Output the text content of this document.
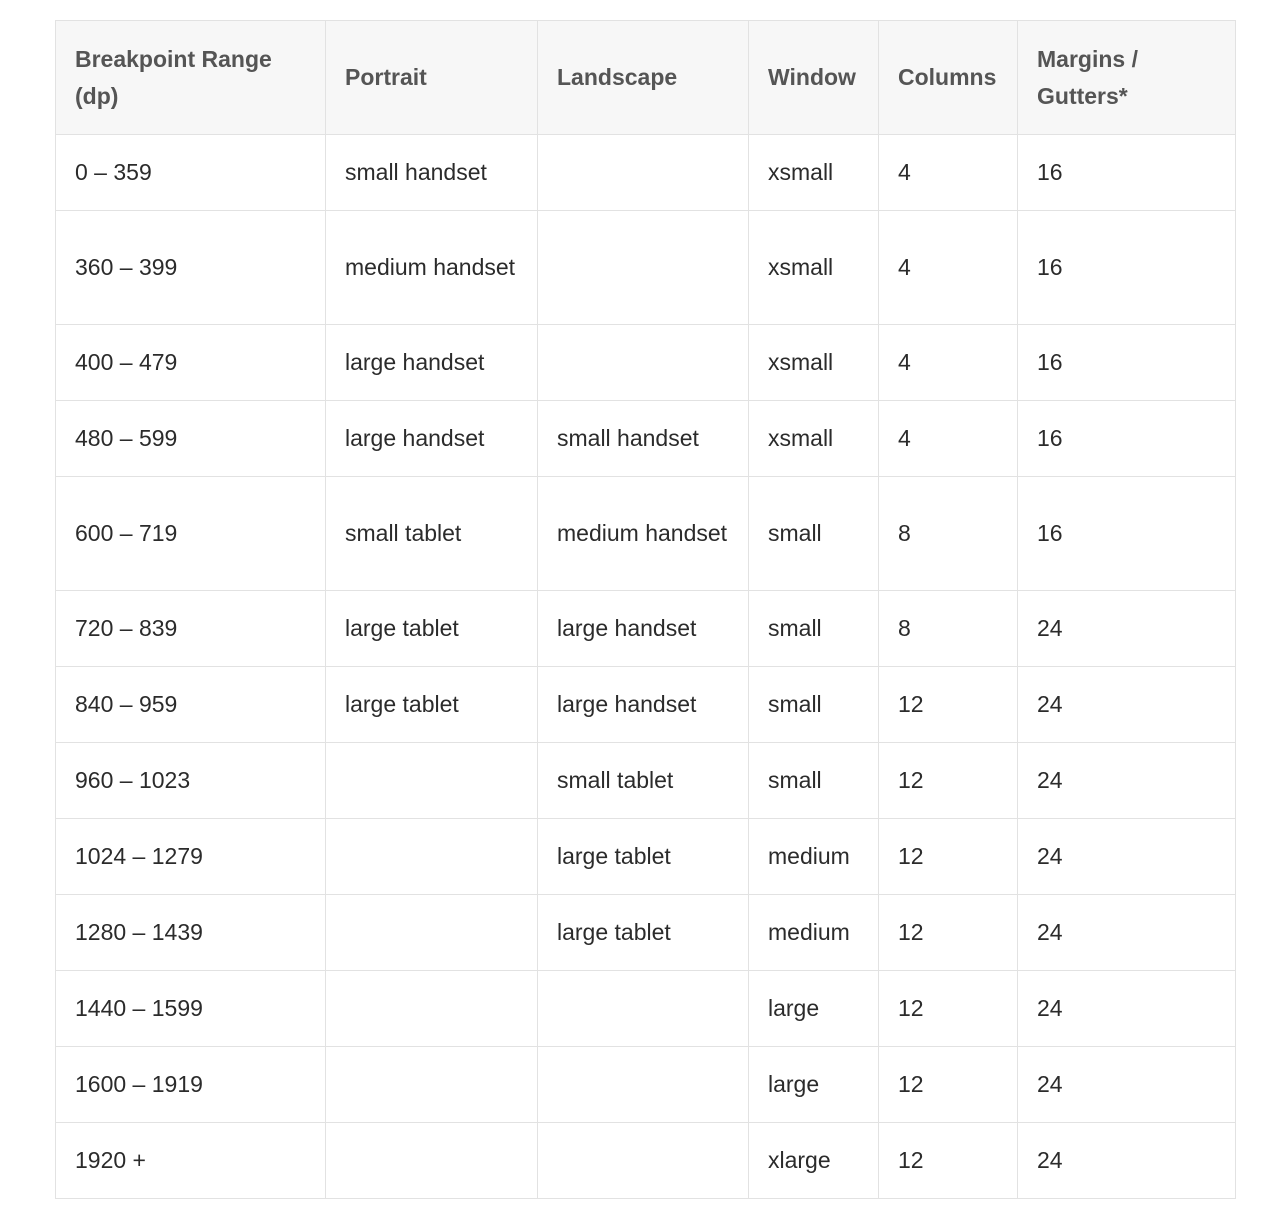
Breakpoint Range (dp)	Portrait	Landscape	Window	Columns	Margins / Gutters*
0 – 359	small handset		xsmall	4	16
360 – 399	medium handset		xsmall	4	16
400 – 479	large handset		xsmall	4	16
480 – 599	large handset	small handset	xsmall	4	16
600 – 719	small tablet	medium handset	small	8	16
720 – 839	large tablet	large handset	small	8	24
840 – 959	large tablet	large handset	small	12	24
960 – 1023		small tablet	small	12	24
1024 – 1279		large tablet	medium	12	24
1280 – 1439		large tablet	medium	12	24
1440 – 1599			large	12	24
1600 – 1919			large	12	24
1920 +			xlarge	12	24
